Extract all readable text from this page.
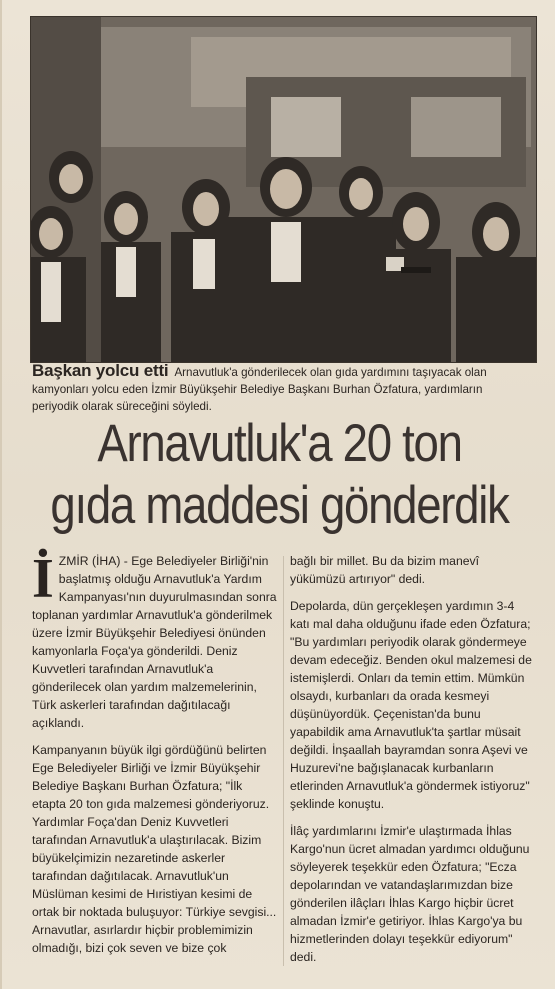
Başkan yolcu etti Arnavutluk'a gönderilecek olan gıda yardımını taşıyacak olan kamyonları yolcu eden İzmir Büyükşehir Belediye Başkanı Burhan Özfatura, yardımların periyodik olarak süreceğini söyledi.
Arnavutluk'a 20 ton
gıda maddesi gönderdik

İZMİR (İHA) - Ege Belediyeler Birliği'nin başlatmış olduğu Arnavutluk'a Yardım Kampanyası'nın duyurulmasından sonra toplanan yardımlar Arnavutluk'a gönderilmek üzere İzmir Büyükşehir Belediyesi önünden kamyonlarla Foça'ya gönderildi. Deniz Kuvvetleri tarafından Arnavutluk'a gönderilecek olan yardım malzemelerinin, Türk askerleri tarafından dağıtılacağı açıklandı.

Kampanyanın büyük ilgi gördüğünü belirten Ege Belediyeler Birliği ve İzmir Büyükşehir Belediye Başkanı Burhan Özfatura; "İlk etapta 20 ton gıda malzemesi gönderiyoruz. Yardımlar Foça'dan Deniz Kuvvetleri tarafından Arnavutluk'a ulaştırılacak. Bizim büyükelçimizin nezaretinde askerler tarafından dağıtılacak. Arnavutluk'un Müslüman kesimi de Hıristiyan kesimi de ortak bir noktada buluşuyor: Türkiye sevgisi... Arnavutlar, asırlardır hiçbir problemimizin olmadığı, bizi çok seven ve bize çok

bağlı bir millet. Bu da bizim manevî yükümüzü artırıyor" dedi.

Depolarda, dün gerçekleşen yardımın 3-4 katı mal daha olduğunu ifade eden Özfatura; "Bu yardımları periyodik olarak göndermeye devam edeceğiz. Benden okul malzemesi de istemişlerdi. Onları da temin ettim. Mümkün olsaydı, kurbanları da orada kesmeyi düşünüyordük. Çeçenistan'da bunu yapabildik ama Arnavutluk'ta şartlar müsait değildi. İnşaallah bayramdan sonra Aşevi ve Huzurevi'ne bağışlanacak kurbanların etlerinden Arnavutluk'a göndermek istiyoruz" şeklinde konuştu.

İlâç yardımlarını İzmir'e ulaştırmada İhlas Kargo'nun ücret almadan yardımcı olduğunu söyleyerek teşekkür eden Özfatura; "Ecza depolarından ve vatandaşlarımızdan bize gönderilen ilâçları İhlas Kargo hiçbir ücret almadan İzmir'e getiriyor. İhlas Kargo'ya bu hizmetlerinden dolayı teşekkür ediyorum" dedi.
